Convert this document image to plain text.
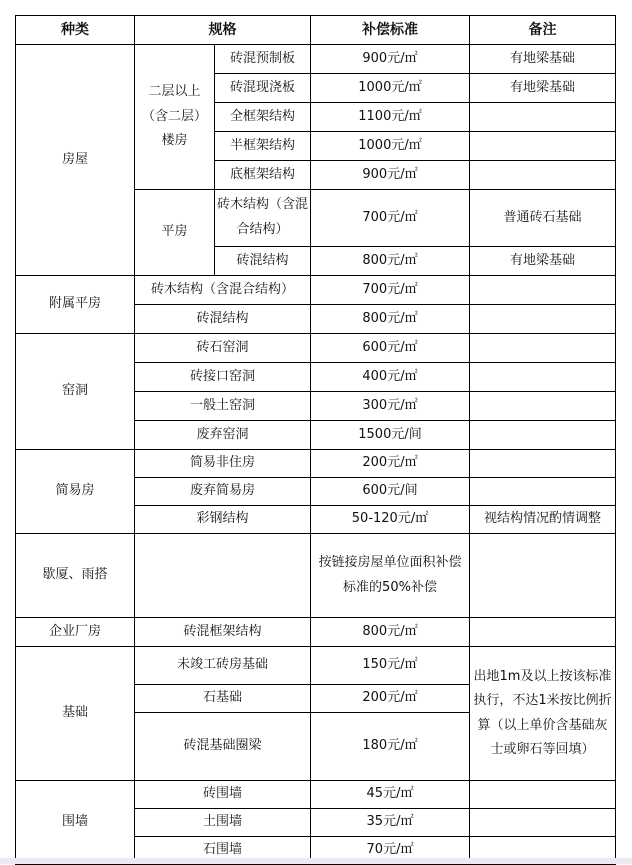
种类	规格		补偿标准	备注
房屋	二层以上（含二层）楼房	砖混预制板	900元/㎡	有地梁基础
		砖混现浇板	1000元/㎡	有地梁基础
		全框架结构	1100元/㎡	
		半框架结构	1000元/㎡	
		底框架结构	900元/㎡	
	平房	砖木结构（含混合结构）	700元/㎡	普通砖石基础
		砖混结构	800元/㎡	有地梁基础
附属平房	砖木结构（含混合结构）		700元/㎡	
	砖混结构		800元/㎡	
窑洞	砖石窑洞		600元/㎡	
	砖接口窑洞		400元/㎡	
	一般土窑洞		300元/㎡	
	废弃窑洞		1500元/间	
简易房	简易非住房		200元/㎡	
	废弃简易房		600元/间	
	彩钢结构		50-120元/㎡	视结构情况酌情调整
歇厦、雨搭			按链接房屋单位面积补偿标准的50%补偿	
企业厂房	砖混框架结构		800元/㎡	
基础	未竣工砖房基础		150元/㎡	出地1m及以上按该标准执行，不达1米按比例折算（以上单价含基础灰士或卵石等回填）
	石基础		200元/㎡	
	砖混基础圈梁		180元/㎡	
围墙	砖围墙		45元/㎡	
	土围墙		35元/㎡	
	石围墙		70元/㎡	
